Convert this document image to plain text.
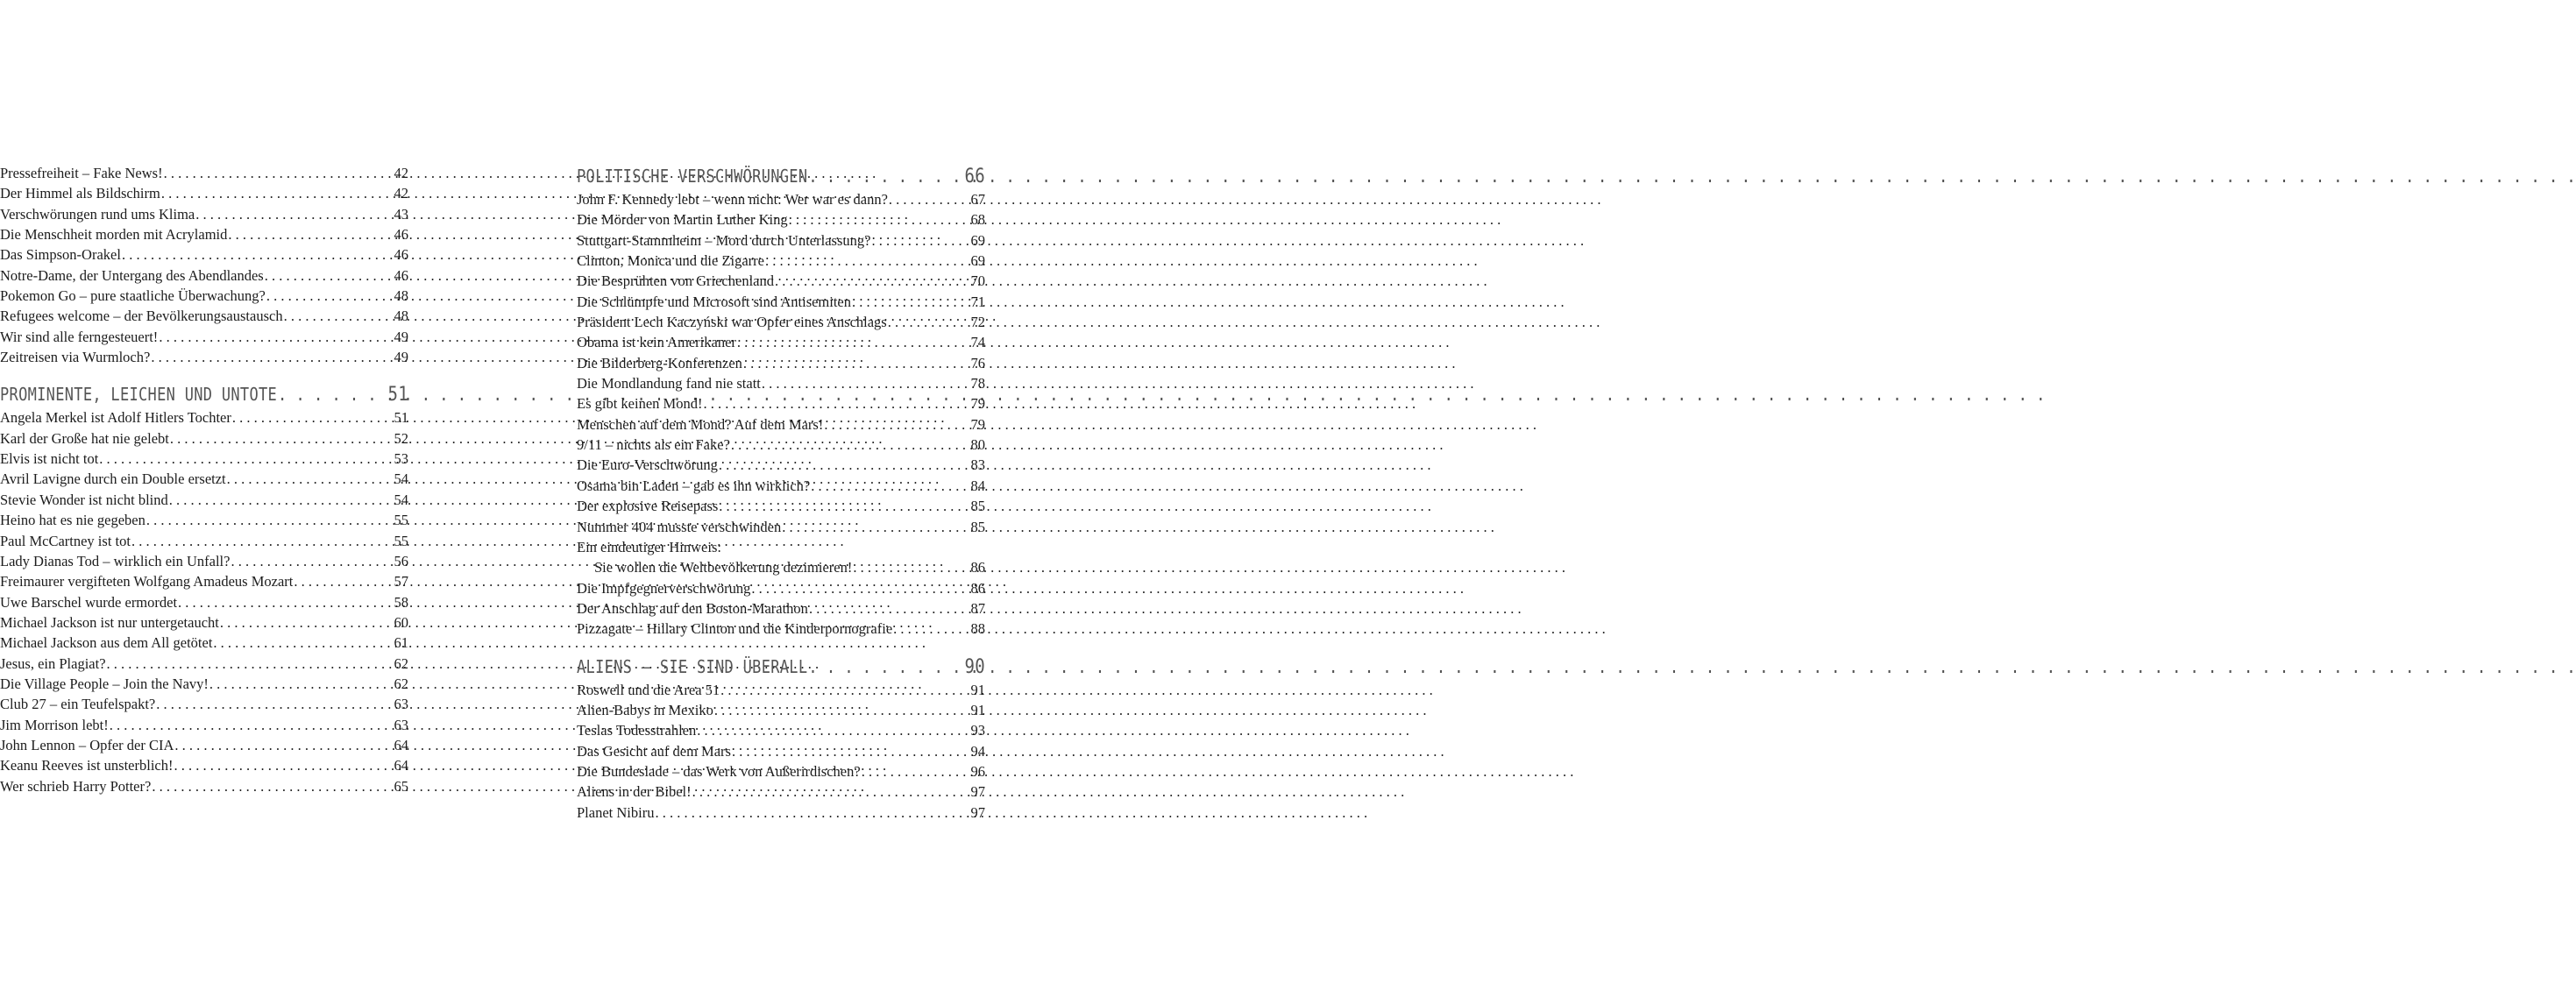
Pressefreiheit – Fake News! . . .	42
Der Himmel als Bildschirm . . .	42
Verschwörungen rund ums Klima . . .	43
Die Menschheit morden mit Acrylamid . . .	46
Das Simpson-Orakel . . .	46
Notre-Dame, der Untergang des Abendlandes . . .	46
Pokemon Go – pure staatliche Überwachung? . . .	48
Refugees welcome – der Bevölkerungsaustausch . . .	48
Wir sind alle ferngesteuert! . . .	49
Zeitreisen via Wurmloch? . . .	49
PROMINENTE, LEICHEN UND UNTOTE . . .	51
Angela Merkel ist Adolf Hitlers Tochter . . .	51
Karl der Große hat nie gelebt . . .	52
Elvis ist nicht tot . . .	53
Avril Lavigne durch ein Double ersetzt . . .	54
Stevie Wonder ist nicht blind . . .	54
Heino hat es nie gegeben . . .	55
Paul McCartney ist tot . . .	55
Lady Dianas Tod – wirklich ein Unfall? . . .	56
Freimaurer vergifteten Wolfgang Amadeus Mozart . . .	57
Uwe Barschel wurde ermordet . . .	58
Michael Jackson ist nur untergetaucht . . .	60
Michael Jackson aus dem All getötet . . .	61
Jesus, ein Plagiat? . . .	62
Die Village People – Join the Navy! . . .	62
Club 27 – ein Teufelspakt? . . .	63
Jim Morrison lebt! . . .	63
John Lennon – Opfer der CIA . . .	64
Keanu Reeves ist unsterblich! . . .	64
Wer schrieb Harry Potter? . . .	65
POLITISCHE VERSCHWÖRUNGEN . . .	66
John F. Kennedy lebt – wenn nicht: Wer war es dann? . . .	67
Die Mörder von Martin Luther King . . .	68
Stuttgart-Stammheim – Mord durch Unterlassung? . . .	69
Clinton, Monica und die Zigarre . . .	69
Die Besprühten von Griechenland . . .	70
Die Schlümpfe und Microsoft sind Antisemiten . . .	71
Präsident Lech Kaczyński war Opfer eines Anschlags . . .	72
Obama ist kein Amerikaner . . .	74
Die Bilderberg-Konferenzen . . .	76
Die Mondlandung fand nie statt . . .	78
Es gibt keinen Mond! . . .	79
Menschen auf dem Mond? Auf dem Mars! . . .	79
9/11 – nichts als ein Fake? . . .	80
Die Euro-Verschwörung . . .	83
Osama bin Laden – gab es ihn wirklich? . . .	84
Der explosive Reisepass . . .	85
Nummer 404 musste verschwinden . . .	85
Ein eindeutiger Hinweis:
Sie wollen die Weltbevölkerung dezimieren! . . .	86
Die Impfgegnerverschwörung . . .	86
Der Anschlag auf den Boston-Marathon . . .	87
Pizzagate – Hillary Clinton und die Kinderpornografie . . .	88
ALIENS – SIE SIND ÜBERALL . . .	90
Roswell und die Area 51 . . .	91
Alien-Babys in Mexiko . . .	91
Teslas Todesstrahlen . . .	93
Das Gesicht auf dem Mars . . .	94
Die Bundeslade – das Werk von Außerirdischen? . . .	96
Aliens in der Bibel! . . .	97
Planet Nibiru . . .	97
